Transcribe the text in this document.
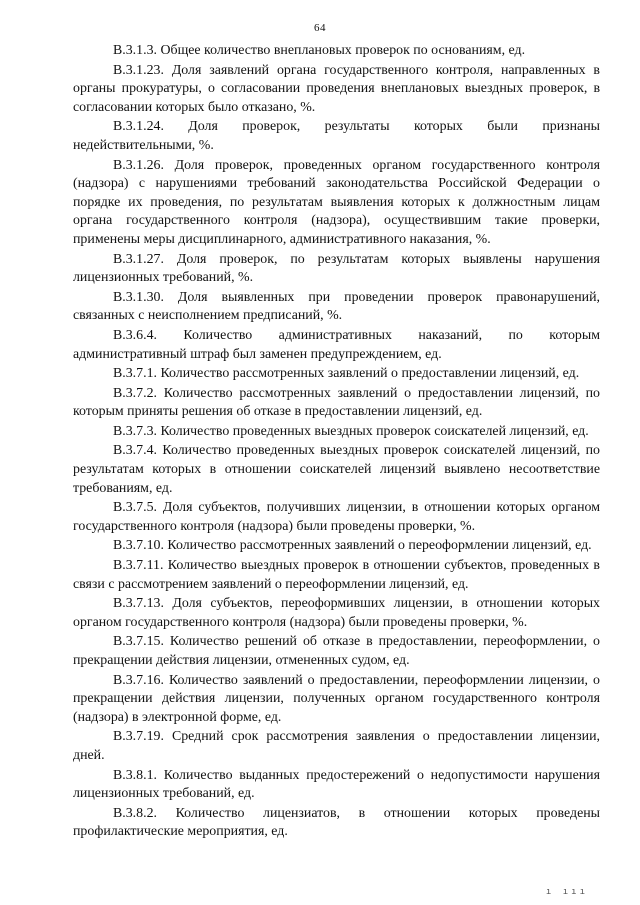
64

В.3.1.3. Общее количество внеплановых проверок по основаниям, ед.

В.3.1.23. Доля заявлений органа государственного контроля, направленных в органы прокуратуры, о согласовании проведения внеплановых выездных проверок, в согласовании которых было отказано, %.

В.3.1.24. Доля проверок, результаты которых были признаны недействительными, %.

В.3.1.26. Доля проверок, проведенных органом государственного контроля (надзора) с нарушениями требований законодательства Российской Федерации о порядке их проведения, по результатам выявления которых к должностным лицам органа государственного контроля (надзора), осуществившим такие проверки, применены меры дисциплинарного, административного наказания, %.

В.3.1.27. Доля проверок, по результатам которых выявлены нарушения лицензионных требований, %.

В.3.1.30. Доля выявленных при проведении проверок правонарушений, связанных с неисполнением предписаний, %.

В.3.6.4. Количество административных наказаний, по которым административный штраф был заменен предупреждением, ед.

В.3.7.1. Количество рассмотренных заявлений о предоставлении лицензий, ед.

В.3.7.2. Количество рассмотренных заявлений о предоставлении лицензий, по которым приняты решения об отказе в предоставлении лицензий, ед.

В.3.7.3. Количество проведенных выездных проверок соискателей лицензий, ед.

В.3.7.4. Количество проведенных выездных проверок соискателей лицензий, по результатам которых в отношении соискателей лицензий выявлено несоответствие требованиям, ед.

В.3.7.5. Доля субъектов, получивших лицензии, в отношении которых органом государственного контроля (надзора) были проведены проверки, %.

В.3.7.10. Количество рассмотренных заявлений о переоформлении лицензий, ед.

В.3.7.11. Количество выездных проверок в отношении субъектов, проведенных в связи с рассмотрением заявлений о переоформлении лицензий, ед.

В.3.7.13. Доля субъектов, переоформивших лицензии, в отношении которых органом государственного контроля (надзора) были проведены проверки, %.

В.3.7.15. Количество решений об отказе в предоставлении, переоформлении, о прекращении действия лицензии, отмененных судом, ед.

В.3.7.16. Количество заявлений о предоставлении, переоформлении лицензии, о прекращении действия лицензии, полученных органом государственного контроля (надзора) в электронной форме, ед.

В.3.7.19. Средний срок рассмотрения заявления о предоставлении лицензии, дней.

В.3.8.1. Количество выданных предостережений о недопустимости нарушения лицензионных требований, ед.

В.3.8.2. Количество лицензиатов, в отношении которых проведены профилактические мероприятия, ед.

ı ııı
